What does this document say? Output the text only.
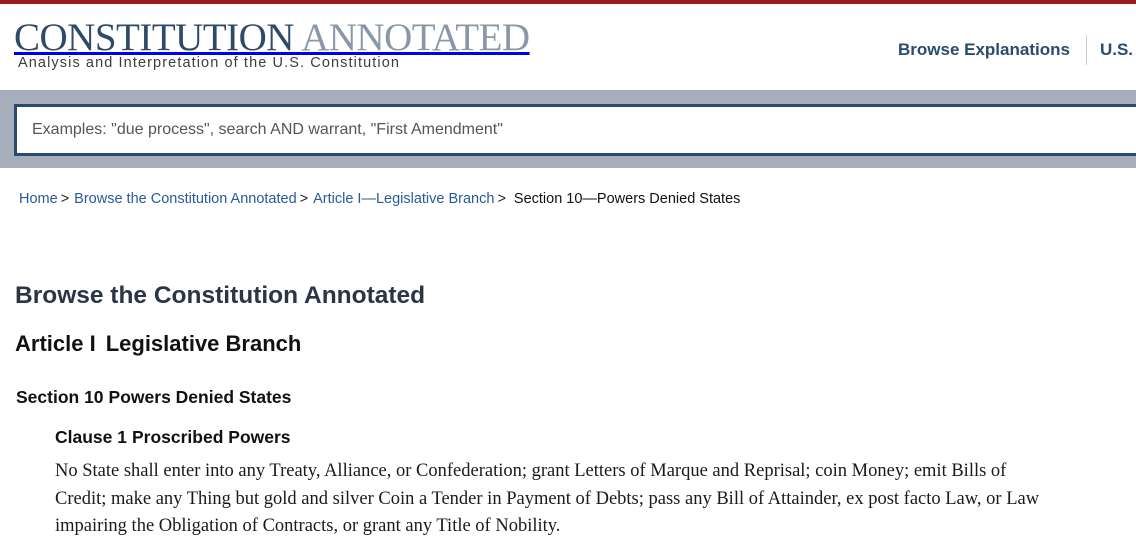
CONSTITUTION ANNOTATED
Analysis and Interpretation of the U.S. Constitution
Browse Explanations U.S.
Examples: "due process", search AND warrant, "First Amendment"
Home > Browse the Constitution Annotated > Article I—Legislative Branch > Section 10—Powers Denied States
Browse the Constitution Annotated
Article I Legislative Branch
Section 10 Powers Denied States
Clause 1 Proscribed Powers
No State shall enter into any Treaty, Alliance, or Confederation; grant Letters of Marque and Reprisal; coin Money; emit Bills of
Credit; make any Thing but gold and silver Coin a Tender in Payment of Debts; pass any Bill of Attainder, ex post facto Law, or Law
impairing the Obligation of Contracts, or grant any Title of Nobility.
